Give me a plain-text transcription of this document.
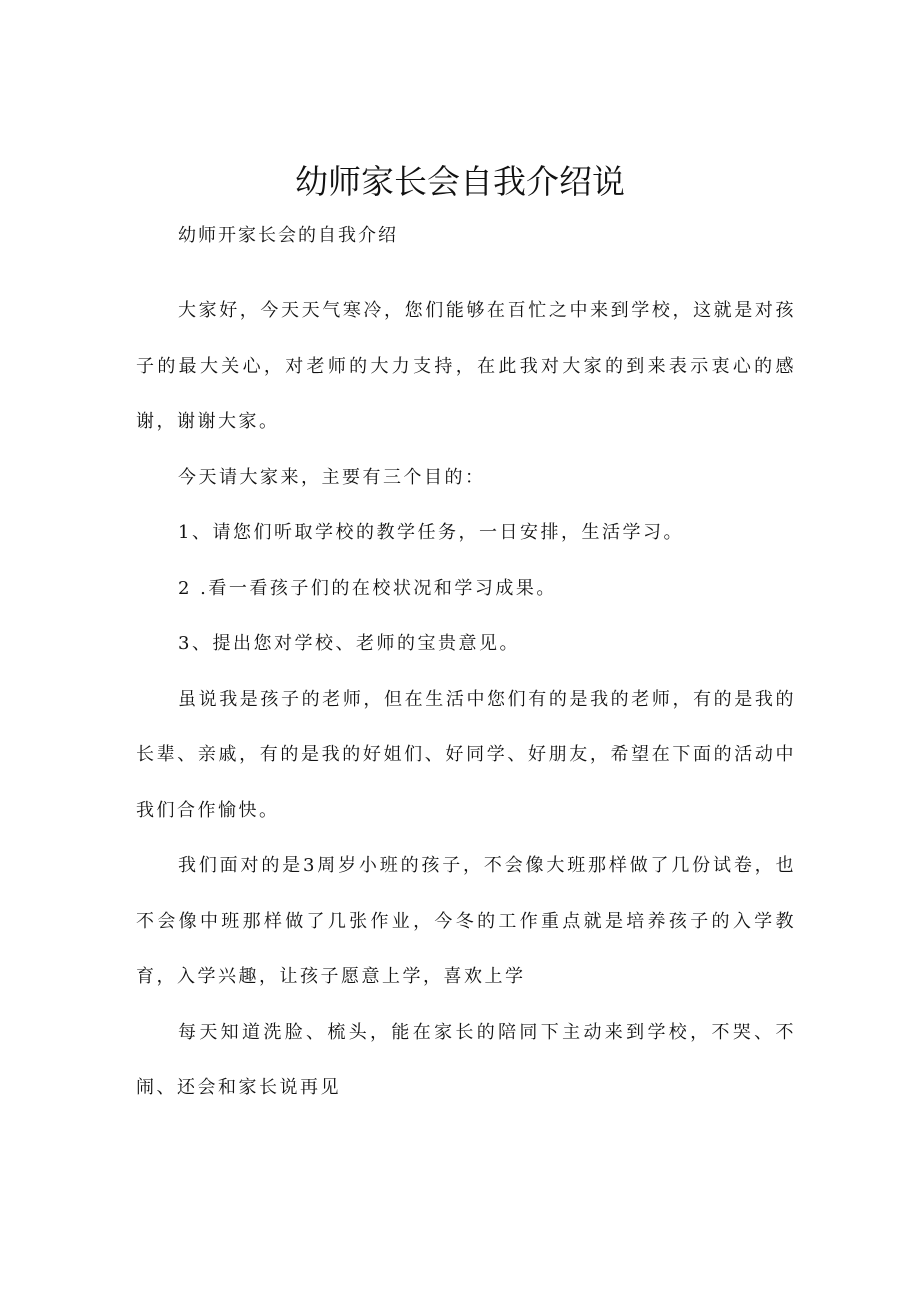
幼师家长会自我介绍说

幼师开家长会的自我介绍

大家好，今天天气寒冷，您们能够在百忙之中来到学校，这就是对孩子的最大关心，对老师的大力支持，在此我对大家的到来表示衷心的感谢，谢谢大家。

今天请大家来，主要有三个目的：

1、请您们听取学校的教学任务，一日安排，生活学习。

2 .看一看孩子们的在校状况和学习成果。

3、提出您对学校、老师的宝贵意见。

虽说我是孩子的老师，但在生活中您们有的是我的老师，有的是我的长辈、亲戚，有的是我的好姐们、好同学、好朋友，希望在下面的活动中我们合作愉快。

我们面对的是3周岁小班的孩子，不会像大班那样做了几份试卷，也不会像中班那样做了几张作业，今冬的工作重点就是培养孩子的入学教育，入学兴趣，让孩子愿意上学，喜欢上学

每天知道洗脸、梳头，能在家长的陪同下主动来到学校，不哭、不闹、还会和家长说再见
